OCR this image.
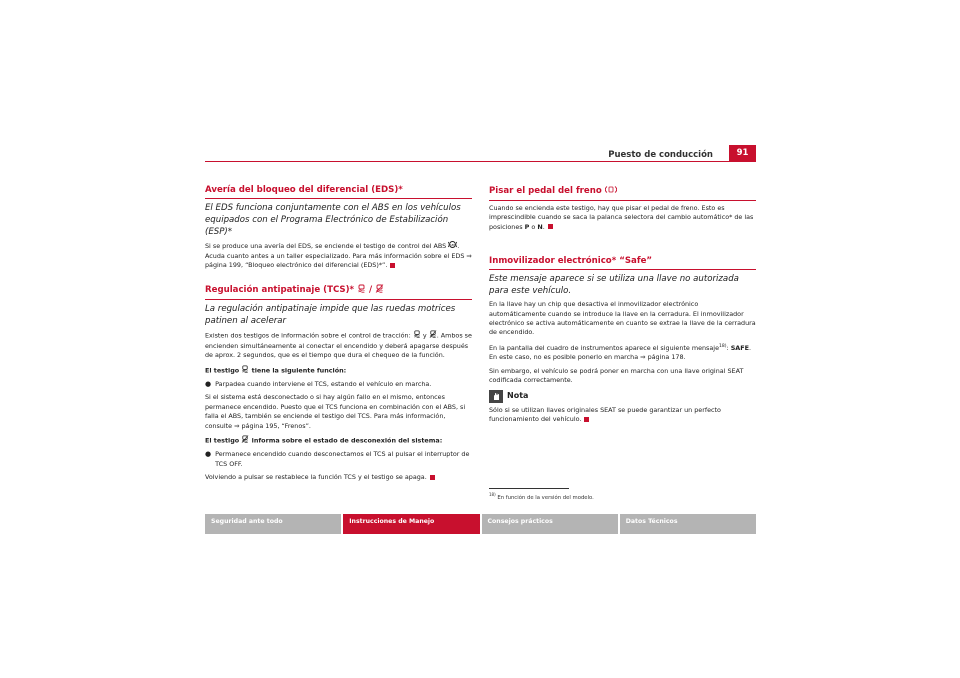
Puesto de conducción	91
Avería del bloqueo del diferencial (EDS)*
El EDS funciona conjuntamente con el ABS en los vehículos equipados con el Programa Electrónico de Estabilización (ESP)*

Si se produce una avería del EDS, se enciende el testigo de control del ABS ABS . Acuda cuanto antes a un taller especializado. Para más información sobre el EDS ⇒ página 199, “Bloqueo electrónico del diferencial (EDS)*”.

Regulación antipatinaje (TCS)* /
La regulación antipatinaje impide que las ruedas motrices patinen al acelerar

Existen dos testigos de información sobre el control de tracción: y . Ambos se encienden simultáneamente al conectar el encendido y deberá apagarse después de aprox. 2 segundos, que es el tiempo que dura el chequeo de la función.

El testigo tiene la siguiente función:

● Parpadea cuando interviene el TCS, estando el vehículo en marcha.

Si el sistema está desconectado o si hay algún fallo en el mismo, entonces permanece encendido. Puesto que el TCS funciona en combinación con el ABS, si falla el ABS, también se enciende el testigo del TCS. Para más información, consulte ⇒ página 195, “Frenos”.

El testigo informa sobre el estado de desconexión del sistema:

● Permanece encendido cuando desconectamos el TCS al pulsar el interruptor de TCS OFF.

Volviendo a pulsar se restablece la función TCS y el testigo se apaga.

Pisar el pedal del freno

Cuando se encienda este testigo, hay que pisar el pedal de freno. Esto es imprescindible cuando se saca la palanca selectora del cambio automático* de las posiciones P o N.

Inmovilizador electrónico* “Safe”
Este mensaje aparece si se utiliza una llave no autorizada para este vehículo.

En la llave hay un chip que desactiva el inmovilizador electrónico automáticamente cuando se introduce la llave en la cerradura. El inmovilizador electrónico se activa automáticamente en cuanto se extrae la llave de la cerradura de encendido.

En la pantalla del cuadro de instrumentos aparece el siguiente mensaje$^{18)}$: SAFE. En este caso, no es posible ponerlo en marcha ⇒ página 178.

Sin embargo, el vehículo se podrá poner en marcha con una llave original SEAT codificada correctamente.

Nota

Sólo si se utilizan llaves originales SEAT se puede garantizar un perfecto funcionamiento del vehículo.

$^{18)}$ En función de la versión del modelo.
Seguridad ante todo	Instrucciones de Manejo	Consejos prácticos	Datos Técnicos
